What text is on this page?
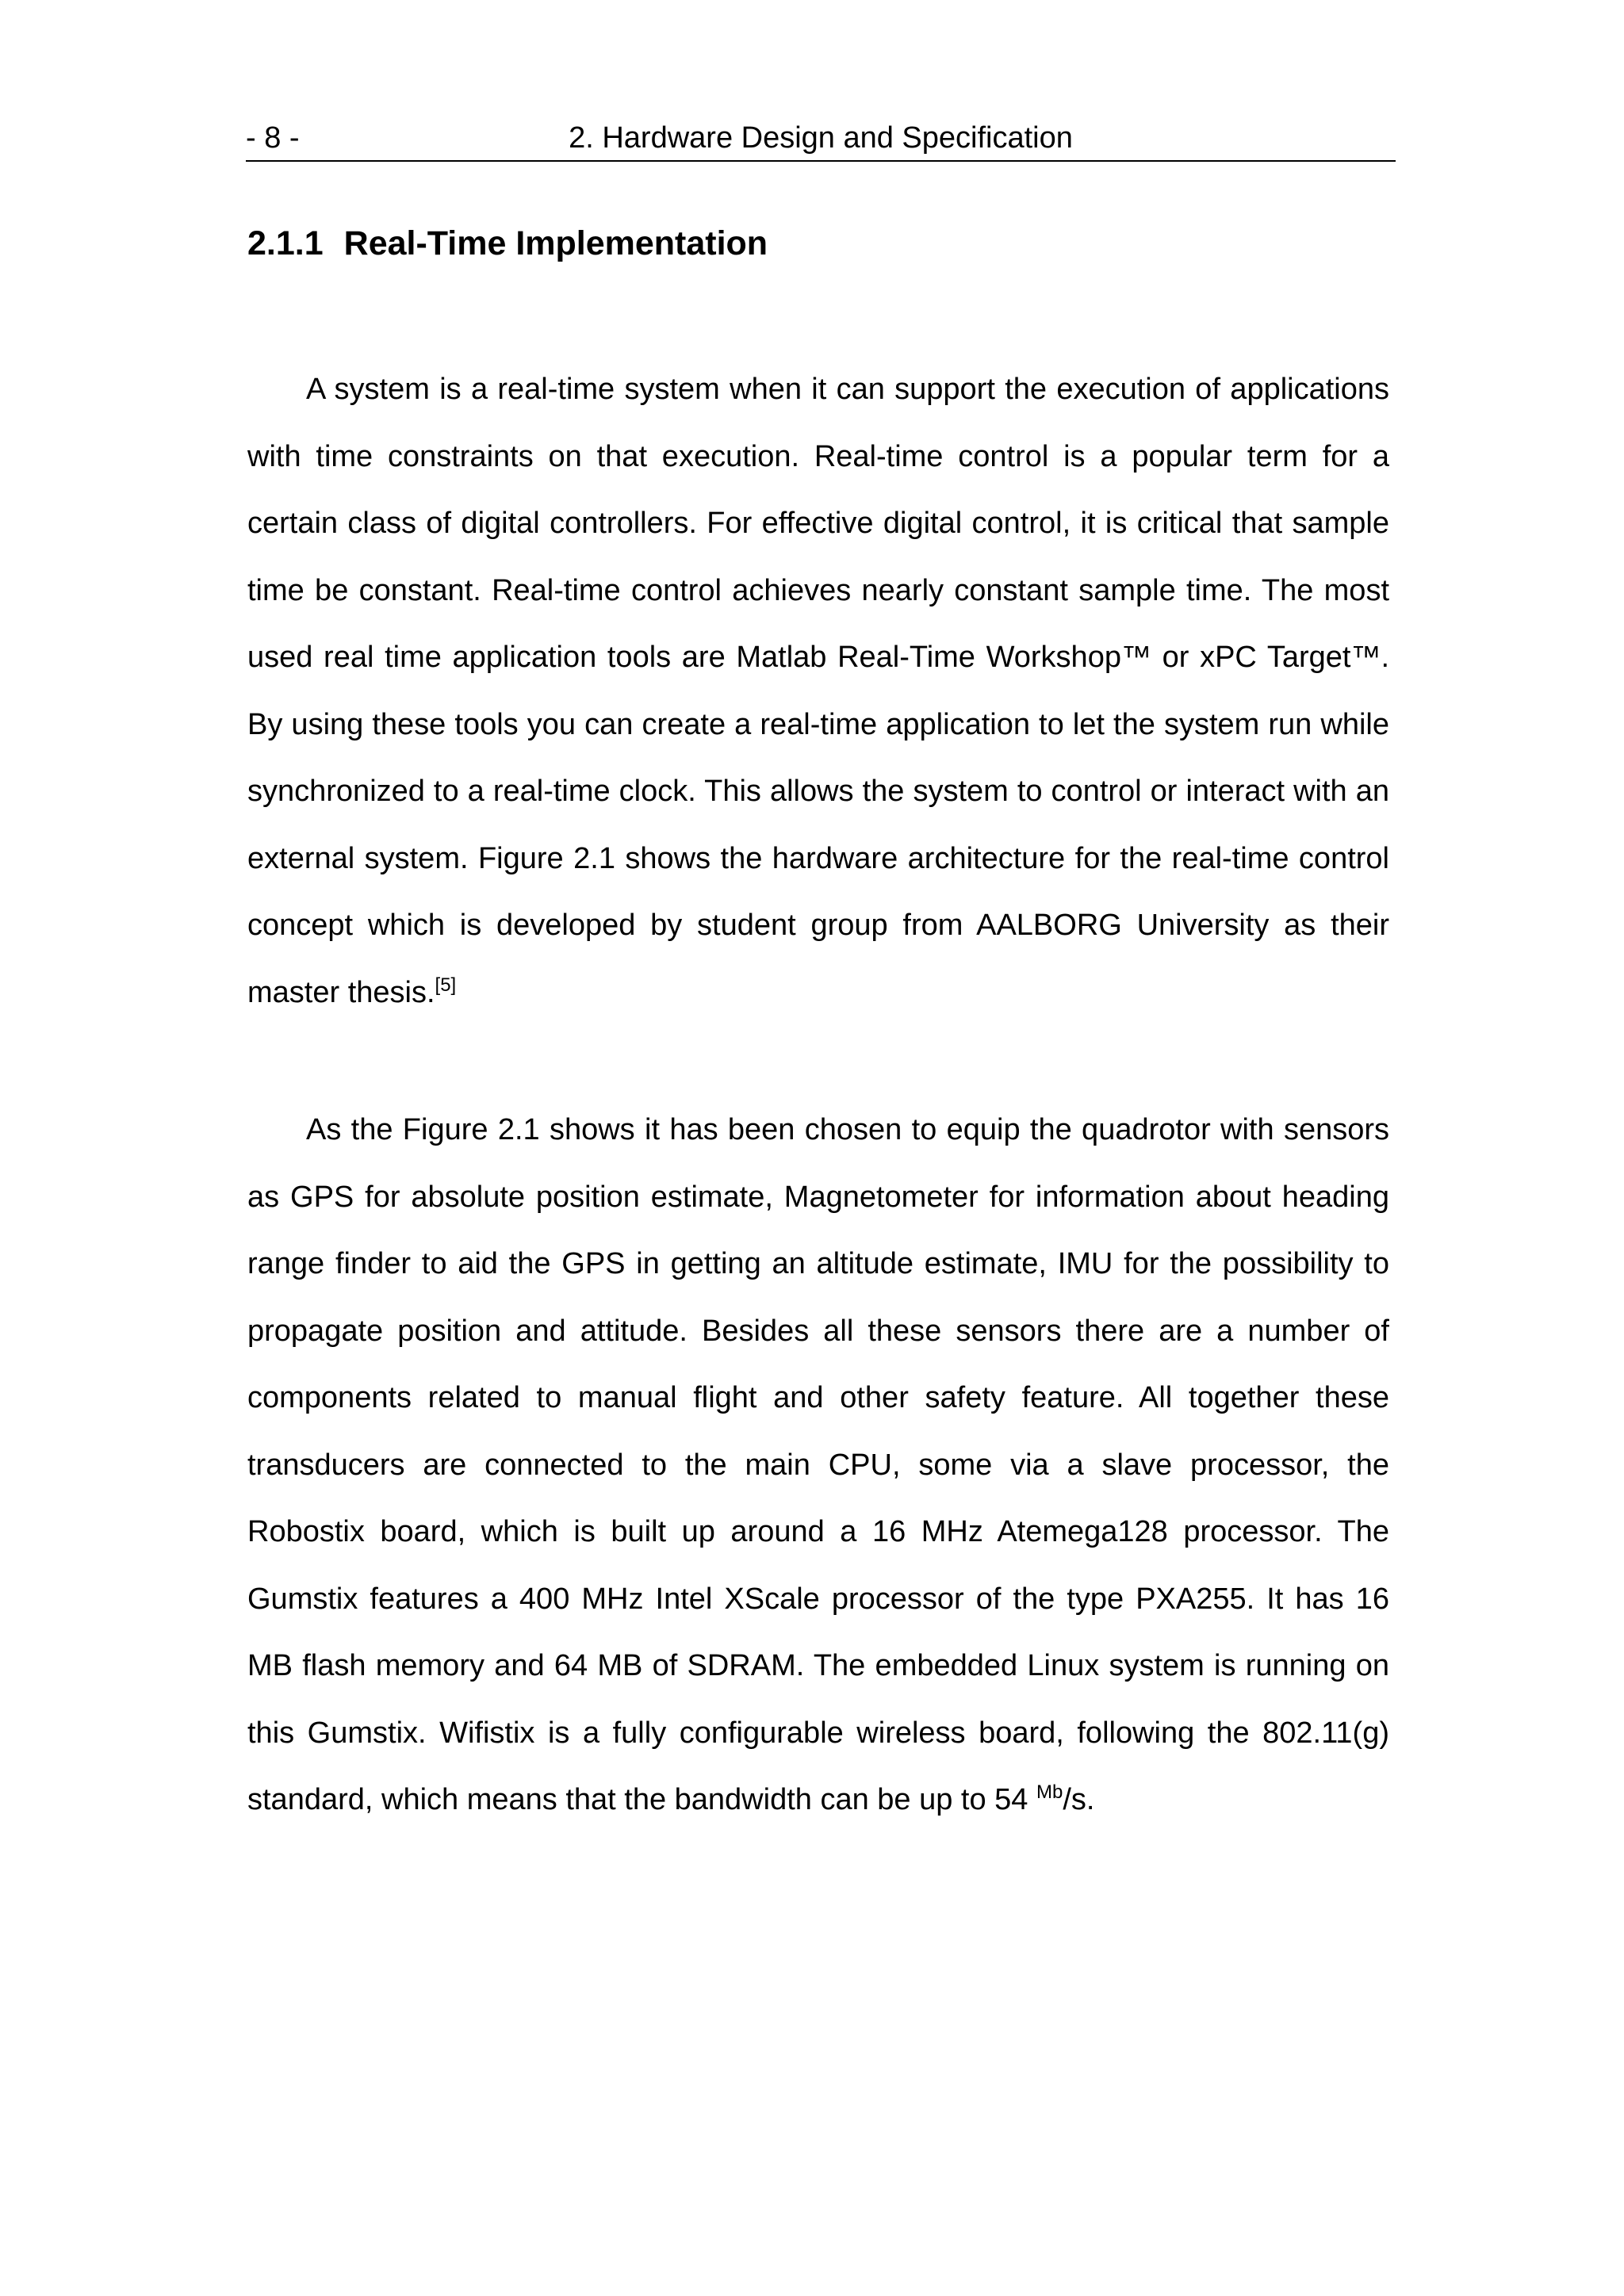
- 8 -	2. Hardware Design and Specification
2.1.1 Real-Time Implementation

A system is a real-time system when it can support the execution of applications with time constraints on that execution. Real-time control is a popular term for a certain class of digital controllers. For effective digital control, it is critical that sample time be constant. Real-time control achieves nearly constant sample time. The most used real time application tools are Matlab Real-Time Workshop™ or xPC Target™. By using these tools you can create a real-time application to let the system run while synchronized to a real-time clock. This allows the system to control or interact with an external system. Figure 2.1 shows the hardware architecture for the real-time control concept which is developed by student group from AALBORG University as their master thesis.[5]

As the Figure 2.1 shows it has been chosen to equip the quadrotor with sensors as GPS for absolute position estimate, Magnetometer for information about heading range finder to aid the GPS in getting an altitude estimate, IMU for the possibility to propagate position and attitude. Besides all these sensors there are a number of components related to manual flight and other safety feature. All together these transducers are connected to the main CPU, some via a slave processor, the Robostix board, which is built up around a 16 MHz Atemega128 processor. The Gumstix features a 400 MHz Intel XScale processor of the type PXA255. It has 16 MB flash memory and 64 MB of SDRAM. The embedded Linux system is running on this Gumstix. Wifistix is a fully configurable wireless board, following the 802.11(g) standard, which means that the bandwidth can be up to 54 $^{Mb}$/s.
